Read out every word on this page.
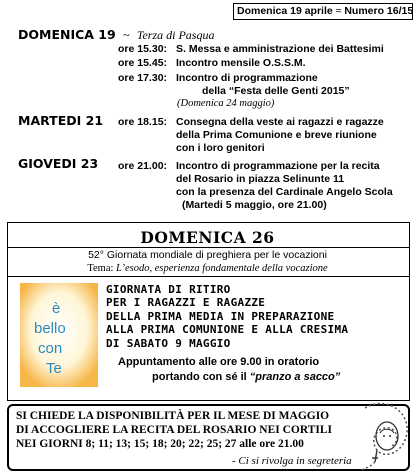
Domenica 19 aprile ≈ Numero 16/15
DOMENICA 19 ~ Terza di Pasqua
ore 15.30: S. Messa e amministrazione dei Battesimi
ore 15.45: Incontro mensile O.S.S.M.
ore 17.30: Incontro di programmazione
della “Festa delle Genti 2015”
(Domenica 24 maggio)
MARTEDI 21 ore 18.15: Consegna della veste ai ragazzi e ragazze
della Prima Comunione e breve riunione
con i loro genitori
GIOVEDI 23 ore 21.00: Incontro di programmazione per la recita
del Rosario in piazza Selinunte 11
con la presenza del Cardinale Angelo Scola
(Martedi 5 maggio, ore 21.00)
DOMENICA 26
52° Giornata mondiale di preghiera per le vocazioni
Tema: L’esodo, esperienza fondamentale della vocazione
è
bello
con
Te
GIORNATA DI RITIRO
PER I RAGAZZI E RAGAZZE
DELLA PRIMA MEDIA IN PREPARAZIONE
ALLA PRIMA COMUNIONE E ALLA CRESIMA
DI SABATO 9 MAGGIO
Appuntamento alle ore 9.00 in oratorio
portando con sé il “pranzo a sacco”
SI CHIEDE LA DISPONIBILITÀ PER IL MESE DI MAGGIO
DI ACCOGLIERE LA RECITA DEL ROSARIO NEI CORTILI
NEI GIORNI 8; 11; 13; 15; 18; 20; 22; 25; 27 alle ore 21.00
- Ci si rivolga in segreteria
